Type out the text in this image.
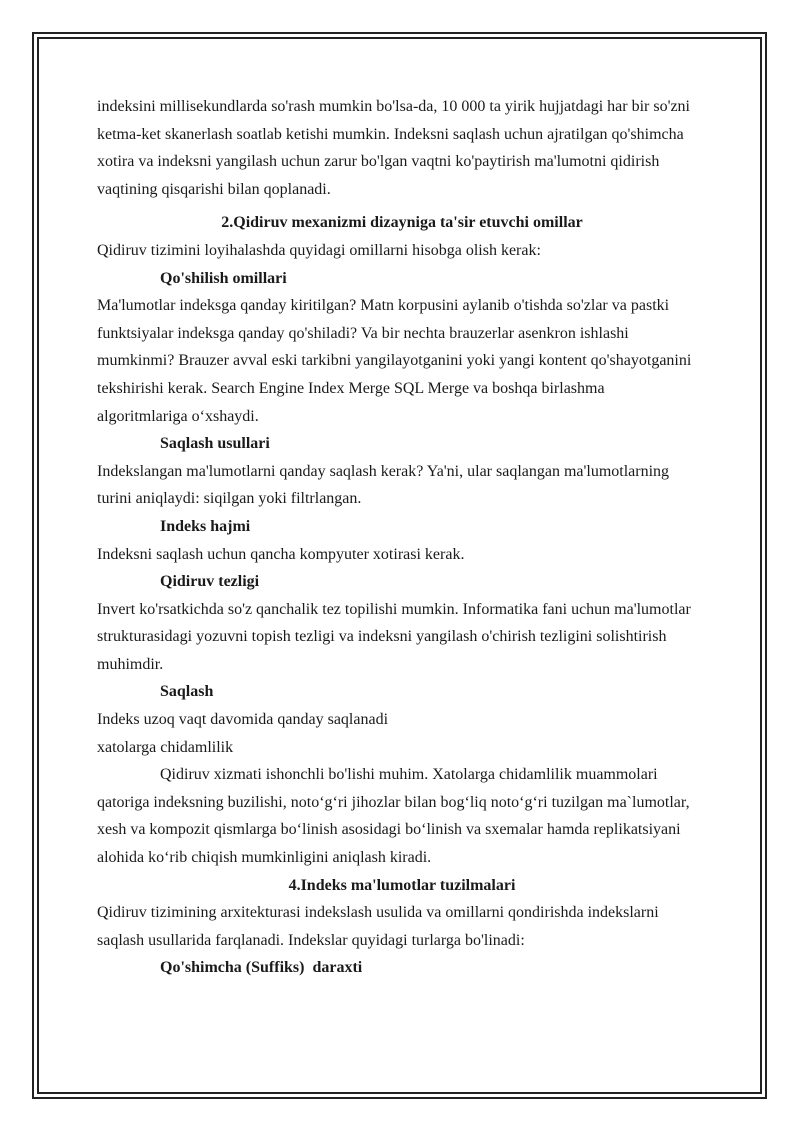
indeksini millisekundlarda so'rash mumkin bo'lsa-da, 10 000 ta yirik hujjatdagi har bir so'zni

ketma-ket skanerlash soatlab ketishi mumkin. Indeksni saqlash uchun ajratilgan qo'shimcha

xotira va indeksni yangilash uchun zarur bo'lgan vaqtni ko'paytirish ma'lumotni qidirish

vaqtining qisqarishi bilan qoplanadi.

2.Qidiruv mexanizmi dizayniga ta'sir etuvchi omillar

Qidiruv tizimini loyihalashda quyidagi omillarni hisobga olish kerak:

Qo'shilish omillari

Ma'lumotlar indeksga qanday kiritilgan? Matn korpusini aylanib o'tishda so'zlar va pastki

funktsiyalar indeksga qanday qo'shiladi? Va bir nechta brauzerlar asenkron ishlashi

mumkinmi? Brauzer avval eski tarkibni yangilayotganini yoki yangi kontent qo'shayotganini

tekshirishi kerak. Search Engine Index Merge SQL Merge va boshqa birlashma

algoritmlariga o‘xshaydi.

Saqlash usullari

Indekslangan ma'lumotlarni qanday saqlash kerak? Ya'ni, ular saqlangan ma'lumotlarning

turini aniqlaydi: siqilgan yoki filtrlangan.

Indeks hajmi

Indeksni saqlash uchun qancha kompyuter xotirasi kerak.

Qidiruv tezligi

Invert ko'rsatkichda so'z qanchalik tez topilishi mumkin. Informatika fani uchun ma'lumotlar

strukturasidagi yozuvni topish tezligi va indeksni yangilash o'chirish tezligini solishtirish

muhimdir.

Saqlash

Indeks uzoq vaqt davomida qanday saqlanadi

xatolarga chidamlilik

Qidiruv xizmati ishonchli bo'lishi muhim. Xatolarga chidamlilik muammolari

qatoriga indeksning buzilishi, noto‘g‘ri jihozlar bilan bog‘liq noto‘g‘ri tuzilgan ma`lumotlar,

xesh va kompozit qismlarga bo‘linish asosidagi bo‘linish va sxemalar hamda replikatsiyani

alohida ko‘rib chiqish mumkinligini aniqlash kiradi.

4.Indeks ma'lumotlar tuzilmalari

Qidiruv tizimining arxitekturasi indekslash usulida va omillarni qondirishda indekslarni

saqlash usullarida farqlanadi. Indekslar quyidagi turlarga bo'linadi:

Qo'shimcha (Suffiks)  daraxti
